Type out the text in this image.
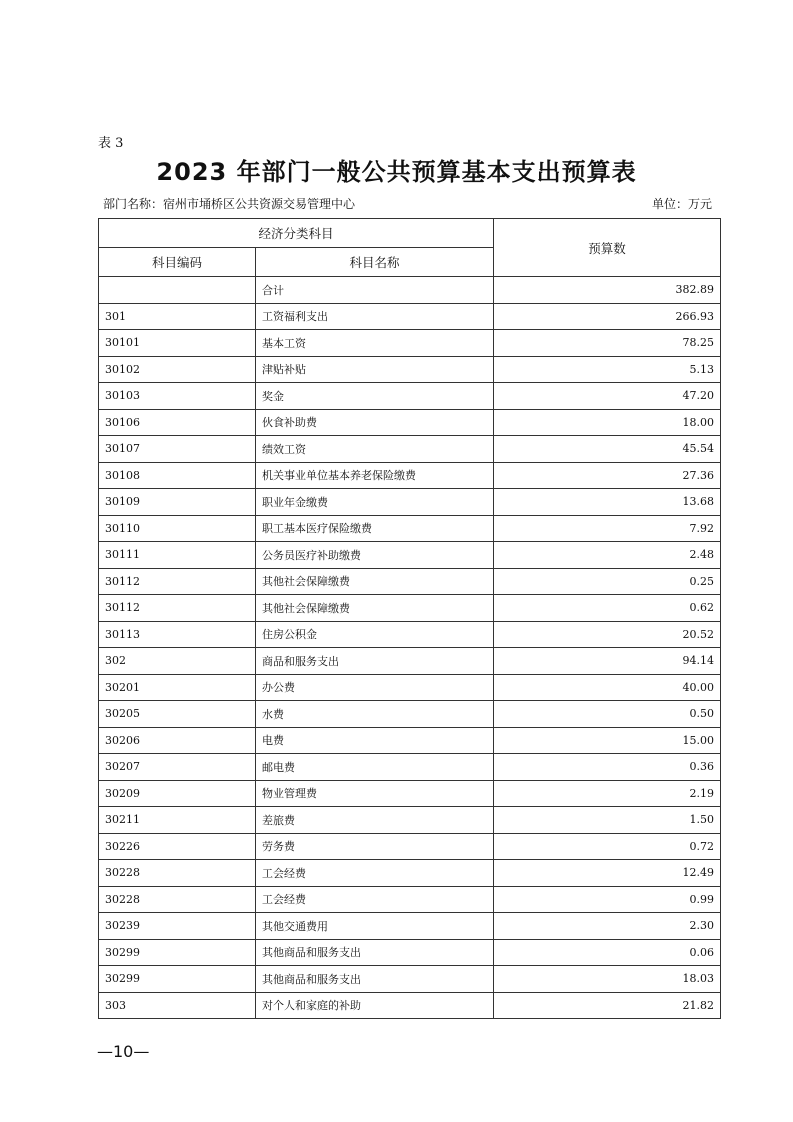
表 3
2023 年部门一般公共预算基本支出预算表
部门名称：宿州市埇桥区公共资源交易管理中心	单位：万元
经济分类科目		预算数
科目编码	科目名称	
	合计	382.89
301	工资福利支出	266.93
30101	基本工资	78.25
30102	津贴补贴	5.13
30103	奖金	47.20
30106	伙食补助费	18.00
30107	绩效工资	45.54
30108	机关事业单位基本养老保险缴费	27.36
30109	职业年金缴费	13.68
30110	职工基本医疗保险缴费	7.92
30111	公务员医疗补助缴费	2.48
30112	其他社会保障缴费	0.25
30112	其他社会保障缴费	0.62
30113	住房公积金	20.52
302	商品和服务支出	94.14
30201	办公费	40.00
30205	水费	0.50
30206	电费	15.00
30207	邮电费	0.36
30209	物业管理费	2.19
30211	差旅费	1.50
30226	劳务费	0.72
30228	工会经费	12.49
30228	工会经费	0.99
30239	其他交通费用	2.30
30299	其他商品和服务支出	0.06
30299	其他商品和服务支出	18.03
303	对个人和家庭的补助	21.82
—10—
